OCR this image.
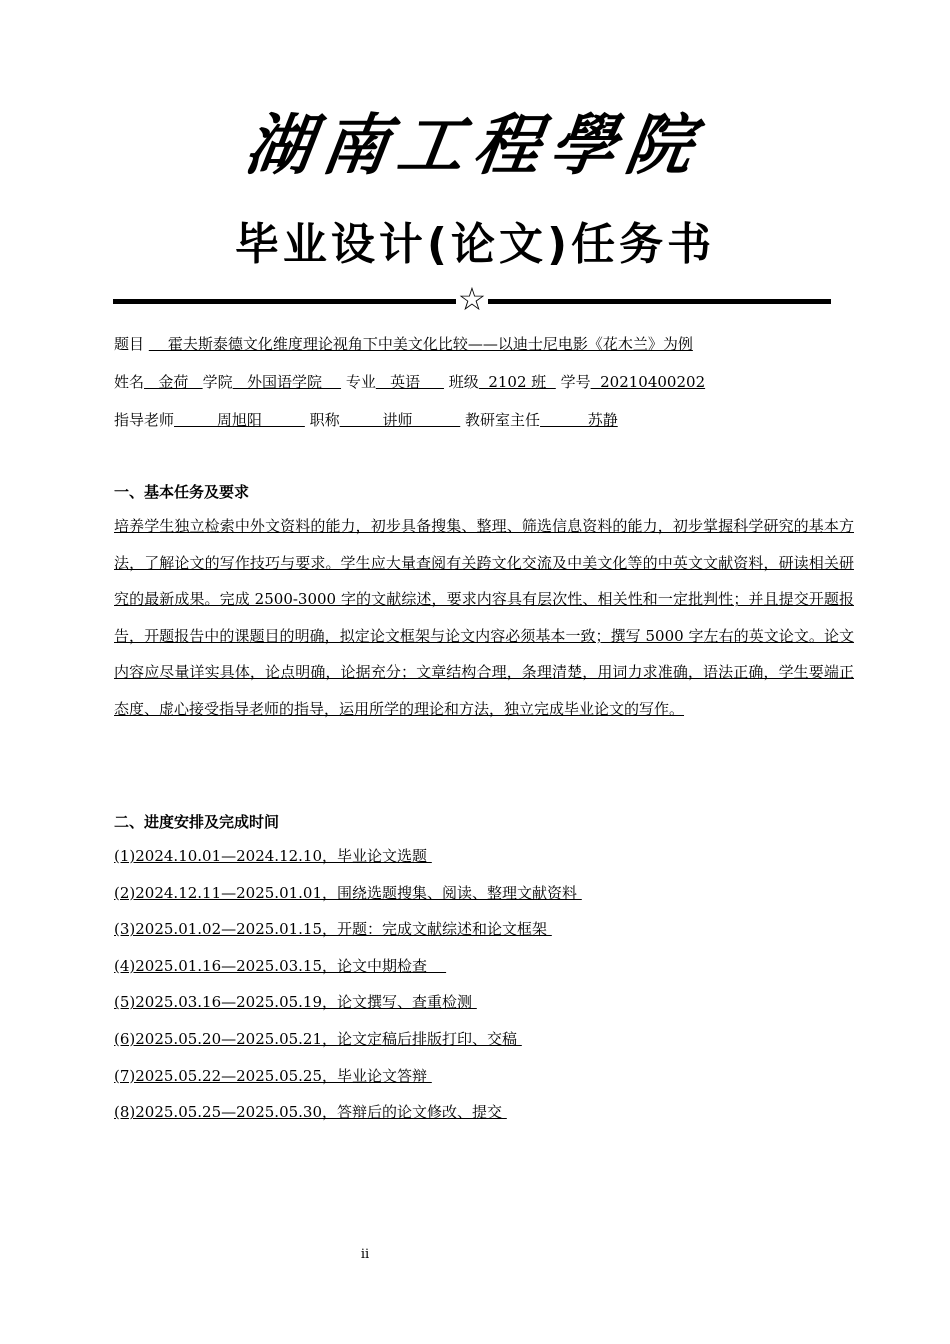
湖南工程學院
毕业设计(论文)任务书
☆
题目     霍夫斯泰德文化维度理论视角下中美文化比较——以迪士尼电影《花木兰》为例
姓名   金荷   学院   外国语学院     专业   英语      班级  2102 班   学号  20210400202
指导老师         周旭阳          职称         讲师           教研室主任          苏静
一、基本任务及要求
培养学生独立检索中外文资料的能力，初步具备搜集、整理、筛选信息资料的能力，初步掌握科学研究的基本方法，了解论文的写作技巧与要求。学生应大量查阅有关跨文化交流及中美文化等的中英文文献资料，研读相关研究的最新成果。完成 2500-3000 字的文献综述，要求内容具有层次性、相关性和一定批判性；并且提交开题报告，开题报告中的课题目的明确，拟定论文框架与论文内容必须基本一致；撰写 5000 字左右的英文论文。论文内容应尽量详实具体，论点明确，论据充分；文章结构合理，条理清楚，用词力求准确，语法正确，学生要端正态度、虚心接受指导老师的指导，运用所学的理论和方法，独立完成毕业论文的写作。
二、进度安排及完成时间
(1)2024.10.01—2024.12.10，毕业论文选题
(2)2024.12.11—2025.01.01，围绕选题搜集、阅读、整理文献资料
(3)2025.01.02—2025.01.15，开题：完成文献综述和论文框架
(4)2025.01.16—2025.03.15，论文中期检查
(5)2025.03.16—2025.05.19，论文撰写、查重检测
(6)2025.05.20—2025.05.21，论文定稿后排版打印、交稿
(7)2025.05.22—2025.05.25，毕业论文答辩
(8)2025.05.25—2025.05.30，答辩后的论文修改、提交
ii
